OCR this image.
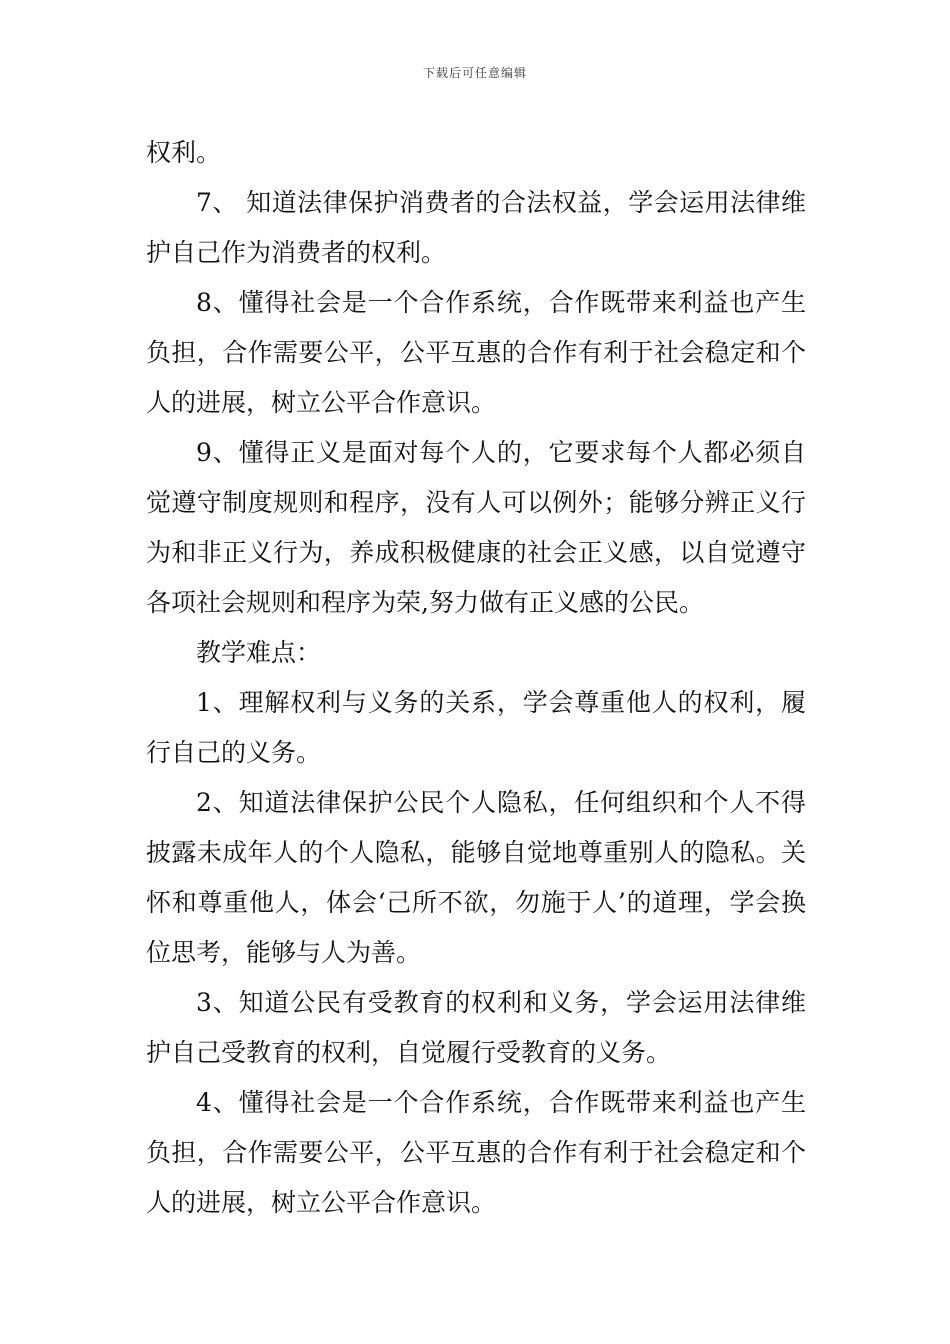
下载后可任意编辑

权利。

7、 知道法律保护消费者的合法权益，学会运用法律维护自己作为消费者的权利。

8、懂得社会是一个合作系统，合作既带来利益也产生负担，合作需要公平，公平互惠的合作有利于社会稳定和个人的进展，树立公平合作意识。

9、懂得正义是面对每个人的，它要求每个人都必须自觉遵守制度规则和程序，没有人可以例外；能够分辨正义行为和非正义行为，养成积极健康的社会正义感，以自觉遵守各项社会规则和程序为荣,努力做有正义感的公民。

教学难点：

1、理解权利与义务的关系，学会尊重他人的权利，履行自己的义务。

2、知道法律保护公民个人隐私，任何组织和个人不得披露未成年人的个人隐私，能够自觉地尊重别人的隐私。关怀和尊重他人，体会‘己所不欲，勿施于人’的道理，学会换位思考，能够与人为善。

3、知道公民有受教育的权利和义务，学会运用法律维护自己受教育的权利，自觉履行受教育的义务。

4、懂得社会是一个合作系统，合作既带来利益也产生负担，合作需要公平，公平互惠的合作有利于社会稳定和个人的进展，树立公平合作意识。
